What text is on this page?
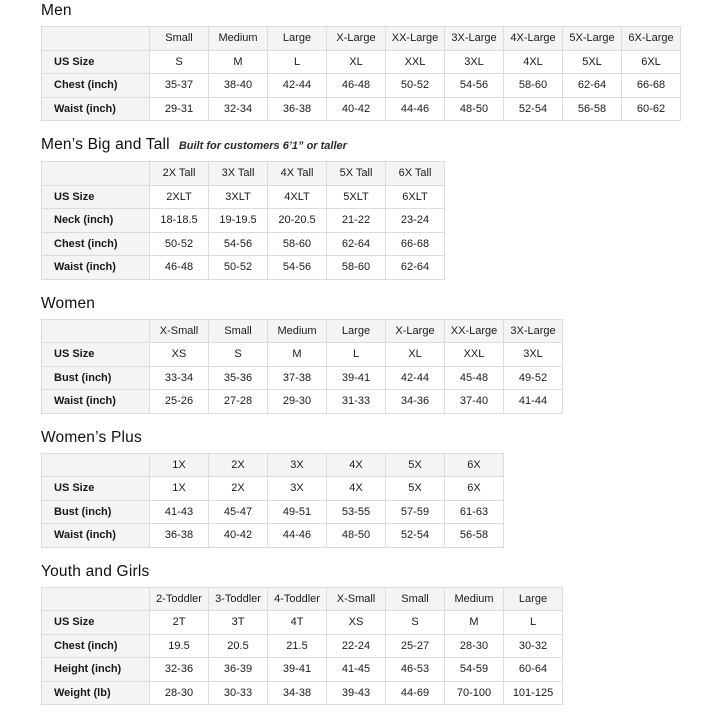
Men
	Small	Medium	Large	X-Large	XX-Large	3X-Large	4X-Large	5X-Large	6X-Large
US Size	S	M	L	XL	XXL	3XL	4XL	5XL	6XL
Chest (inch)	35-37	38-40	42-44	46-48	50-52	54-56	58-60	62-64	66-68
Waist (inch)	29-31	32-34	36-38	40-42	44-46	48-50	52-54	56-58	60-62
Men’s Big and Tall Built for customers 6’1” or taller
	2X Tall	3X Tall	4X Tall	5X Tall	6X Tall
US Size	2XLT	3XLT	4XLT	5XLT	6XLT
Neck (inch)	18-18.5	19-19.5	20-20.5	21-22	23-24
Chest (inch)	50-52	54-56	58-60	62-64	66-68
Waist (inch)	46-48	50-52	54-56	58-60	62-64
Women
	X-Small	Small	Medium	Large	X-Large	XX-Large	3X-Large
US Size	XS	S	M	L	XL	XXL	3XL
Bust (inch)	33-34	35-36	37-38	39-41	42-44	45-48	49-52
Waist (inch)	25-26	27-28	29-30	31-33	34-36	37-40	41-44
Women’s Plus
	1X	2X	3X	4X	5X	6X
US Size	1X	2X	3X	4X	5X	6X
Bust (inch)	41-43	45-47	49-51	53-55	57-59	61-63
Waist (inch)	36-38	40-42	44-46	48-50	52-54	56-58
Youth and Girls
	2-Toddler	3-Toddler	4-Toddler	X-Small	Small	Medium	Large
US Size	2T	3T	4T	XS	S	M	L
Chest (inch)	19.5	20.5	21.5	22-24	25-27	28-30	30-32
Height (inch)	32-36	36-39	39-41	41-45	46-53	54-59	60-64
Weight (lb)	28-30	30-33	34-38	39-43	44-69	70-100	101-125
